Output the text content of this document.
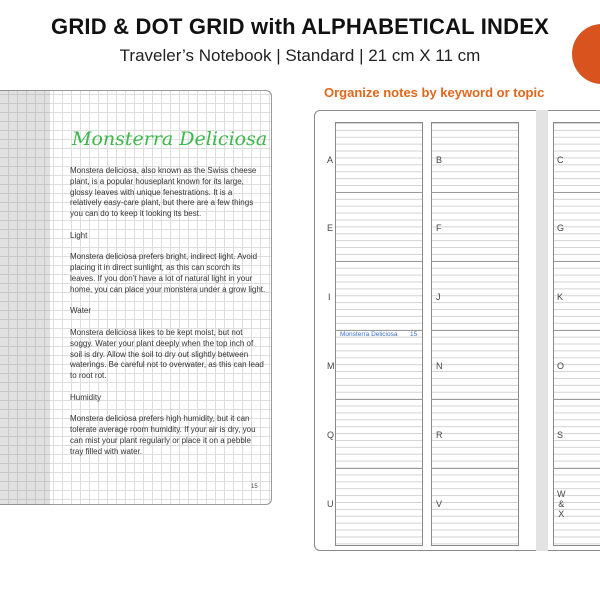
GRID & DOT GRID with ALPHABETICAL INDEX
Traveler’s Notebook | Standard | 21 cm X 11 cm
Organize notes by keyword or topic
Monsterra Deliciosa

Monstera deliciosa, also known as the Swiss cheese plant, is a popular houseplant known for its large, glossy leaves with unique fenestrations. It is a relatively easy-care plant, but there are a few things you can do to keep it looking its best.

Light

Monstera deliciosa prefers bright, indirect light. Avoid placing it in direct sunlight, as this can scorch its leaves. If you don’t have a lot of natural light in your home, you can place your monstera under a grow light.

Water

Monstera deliciosa likes to be kept moist, but not soggy. Water your plant deeply when the top inch of soil is dry. Allow the soil to dry out slightly between waterings. Be careful not to overwater, as this can lead to root rot.

Humidity

Monstera deliciosa prefers high humidity, but it can tolerate average room humidity. If your air is dry, you can mist your plant regularly or place it on a pebble tray filled with water.

15
A
E
I
M
Q
U
B
F
J
N
R
V
C
G
K
O
S
W
&
X
Monsterra Deliciosa 15
